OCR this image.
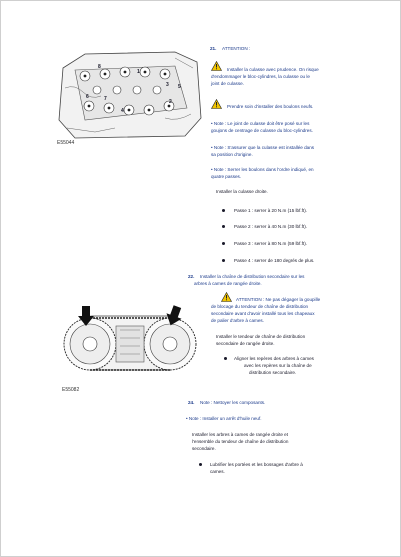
8
1
3 5
6	7	2
4
E55044
21. ATTENTION :
Installer la culasse avec prudence. On risque
d'endommager le bloc-cylindres, la culasse ou le
joint de culasse.
Prendre soin d'installer des boulons neufs.
• Note : Le joint de culasse doit être posé sur les
goujons de centrage de culasse du bloc-cylindres.
• Note : S'assurer que la culasse est installée dans
sa position d'origine.
• Note : Serrer les boulons dans l'ordre indiqué, en
quatre passes.
Installer la culasse droite.
Passe 1 : serrer à 20 N.m (15 lbf.ft).
Passe 2 : serrer à 40 N.m (30 lbf.ft).
Passe 3 : serrer à 80 N.m (59 lbf.ft).
Passe 4 : serrer de 180 degrés de plus.
E55082
22. Installer la chaîne de distribution secondaire sur les
arbres à cames de rangée droite.
ATTENTION : Ne pas dégager la goupille
de blocage du tendeur de chaîne de distribution
secondaire avant d'avoir installé tous les chapeaux
de palier d'arbre à cames.
Installer le tendeur de chaîne de distribution
secondaire de rangée droite.
Aligner les repères des arbres à cames
avec les repères sur la chaîne de
distribution secondaire.
24. Note : Nettoyer les composants.
• Note : Installer un arrêt d'huile neuf.
Installer les arbres à cames de rangée droite et
l'ensemble du tendeur de chaîne de distribution
secondaire.
Lubrifier les portées et les bossages d'arbre à
cames.
